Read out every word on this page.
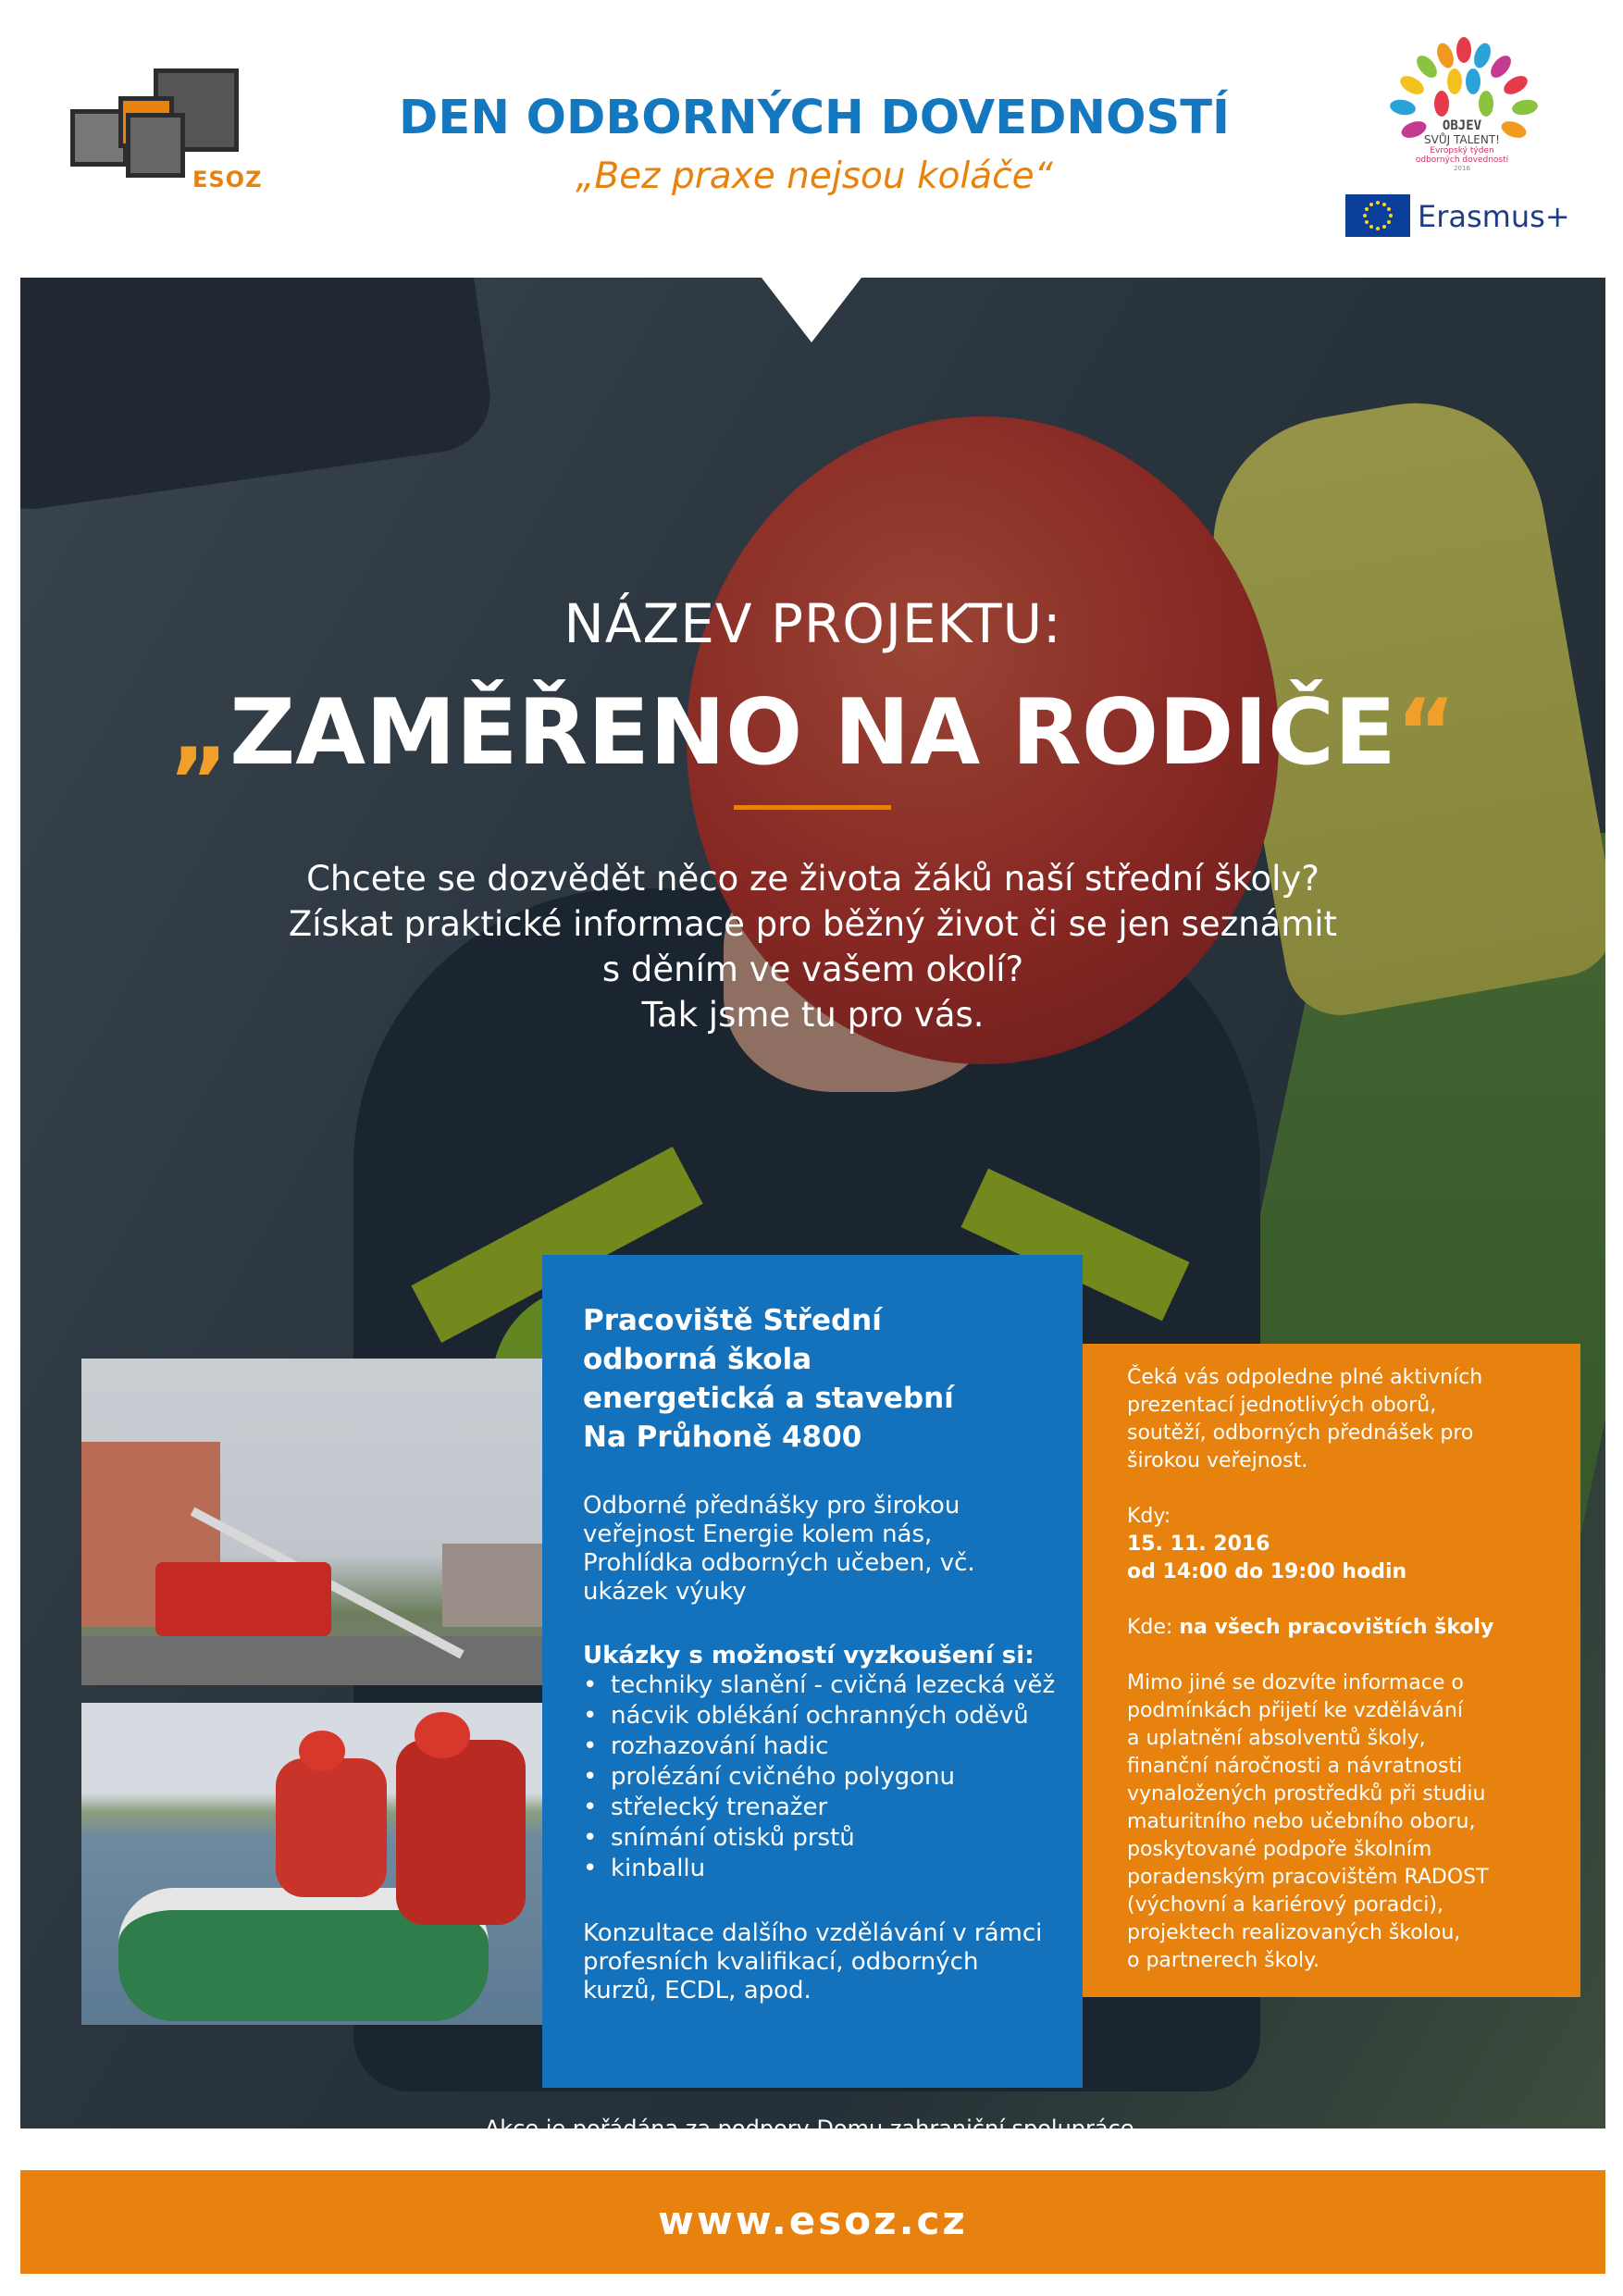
ESOZ
DEN ODBORNÝCH DOVEDNOSTÍ
„Bez praxe nejsou koláče“
OBJEV
SVŮJ TALENT!
Evropský týden
odborných dovedností
2016
Erasmus+
NÁZEV PROJEKTU:
„ZAMĚŘENO NA RODIČE“
Chcete se dozvědět něco ze života žáků naší střední školy?
Získat praktické informace pro běžný život či se jen seznámit
s děním ve vašem okolí?
Tak jsme tu pro vás.
Pracoviště Střední
odborná škola
energetická a stavební
Na Průhoně 4800
Odborné přednášky pro širokou
veřejnost Energie kolem nás,
Prohlídka odborných učeben, vč.
ukázek výuky
Ukázky s možností vyzkoušení si:
• techniky slanění - cvičná lezecká věž
• nácvik oblékání ochranných oděvů
• rozhazování hadic
• prolézání cvičného polygonu
• střelecký trenažer
• snímání otisků prstů
• kinballu
Konzultace dalšího vzdělávání v rámci
profesních kvalifikací, odborných
kurzů, ECDL, apod.

Čeká vás odpoledne plné aktivních
prezentací jednotlivých oborů,
soutěží, odborných přednášek pro
širokou veřejnost.

Kdy:
15. 11. 2016
od 14:00 do 19:00 hodin

Kde: na všech pracovištích školy

Mimo jiné se dozvíte informace o
podmínkách přijetí ke vzdělávání
a uplatnění absolventů školy,
finanční náročnosti a návratnosti
vynaložených prostředků při studiu
maturitního nebo učebního oboru,
poskytované podpoře školním
poradenským pracovištěm RADOST
(výchovní a kariérový poradci),
projektech realizovaných školou,
o partnerech školy.

Akce je pořádána za podpory Domu zahraniční spolupráce.
www.esoz.cz
